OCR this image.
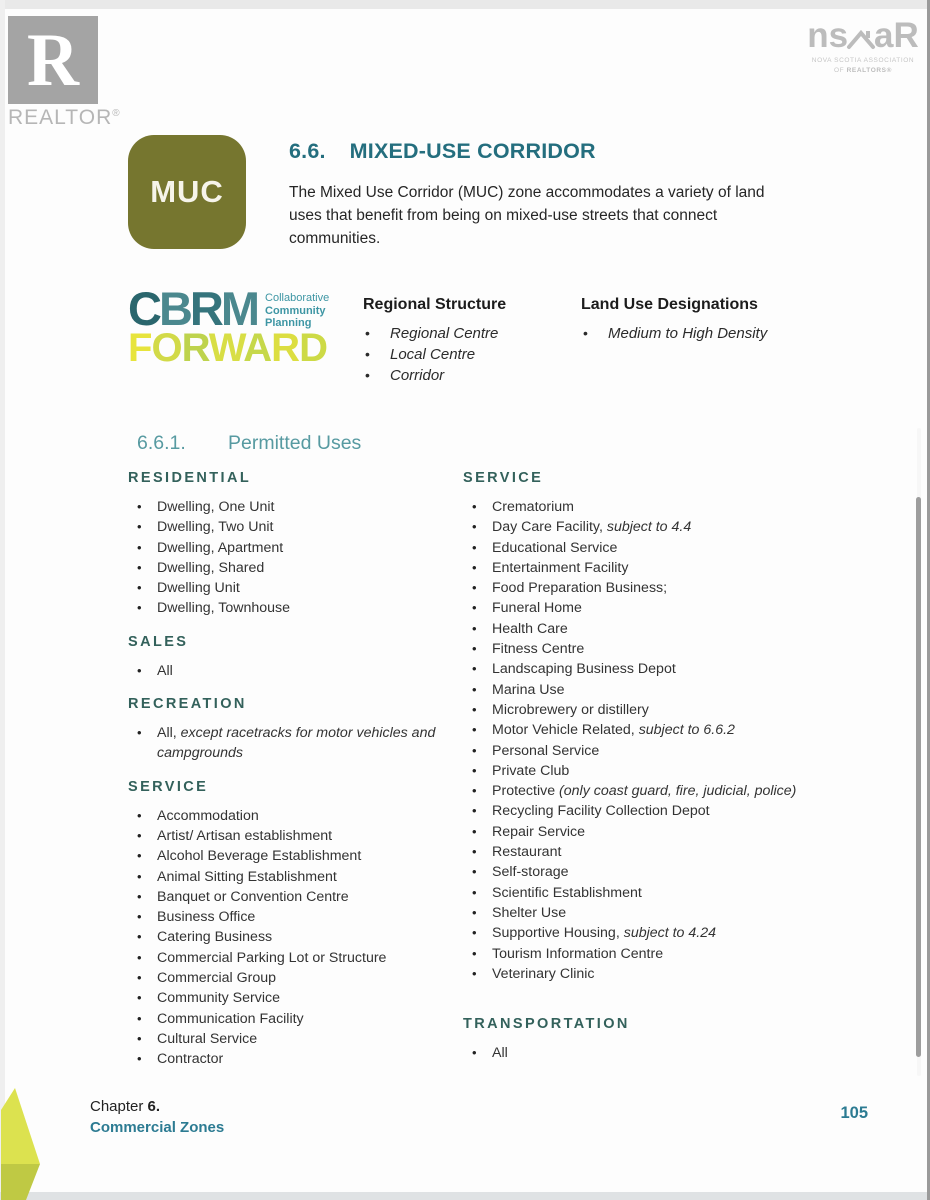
R
REALTOR®
ns aR
NOVA SCOTIA ASSOCIATION
OF REALTORS®
MUC
6.6. MIXED-USE CORRIDOR
The Mixed Use Corridor (MUC) zone accommodates a variety of land uses that benefit from being on mixed-use streets that connect communities.
CBRM Collaborative
Community
Planning
FORWARD
Regional Structure
• Regional Centre
• Local Centre
• Corridor
Land Use Designations
• Medium to High Density
6.6.1.	Permitted Uses
RESIDENTIAL
• Dwelling, One Unit
• Dwelling, Two Unit
• Dwelling, Apartment
• Dwelling, Shared
• Dwelling Unit
• Dwelling, Townhouse
SALES
• All
RECREATION
• All, except racetracks for motor vehicles and campgrounds
SERVICE
• Accommodation
• Artist/ Artisan establishment
• Alcohol Beverage Establishment
• Animal Sitting Establishment
• Banquet or Convention Centre
• Business Office
• Catering Business
• Commercial Parking Lot or Structure
• Commercial Group
• Community Service
• Communication Facility
• Cultural Service
• Contractor
SERVICE
• Crematorium
• Day Care Facility, subject to 4.4
• Educational Service
• Entertainment Facility
• Food Preparation Business;
• Funeral Home
• Health Care
• Fitness Centre
• Landscaping Business Depot
• Marina Use
• Microbrewery or distillery
• Motor Vehicle Related, subject to 6.6.2
• Personal Service
• Private Club
• Protective (only coast guard, fire, judicial, police)
• Recycling Facility Collection Depot
• Repair Service
• Restaurant
• Self-storage
• Scientific Establishment
• Shelter Use
• Supportive Housing, subject to 4.24
• Tourism Information Centre
• Veterinary Clinic
TRANSPORTATION
• All
Chapter 6.
Commercial Zones
105
